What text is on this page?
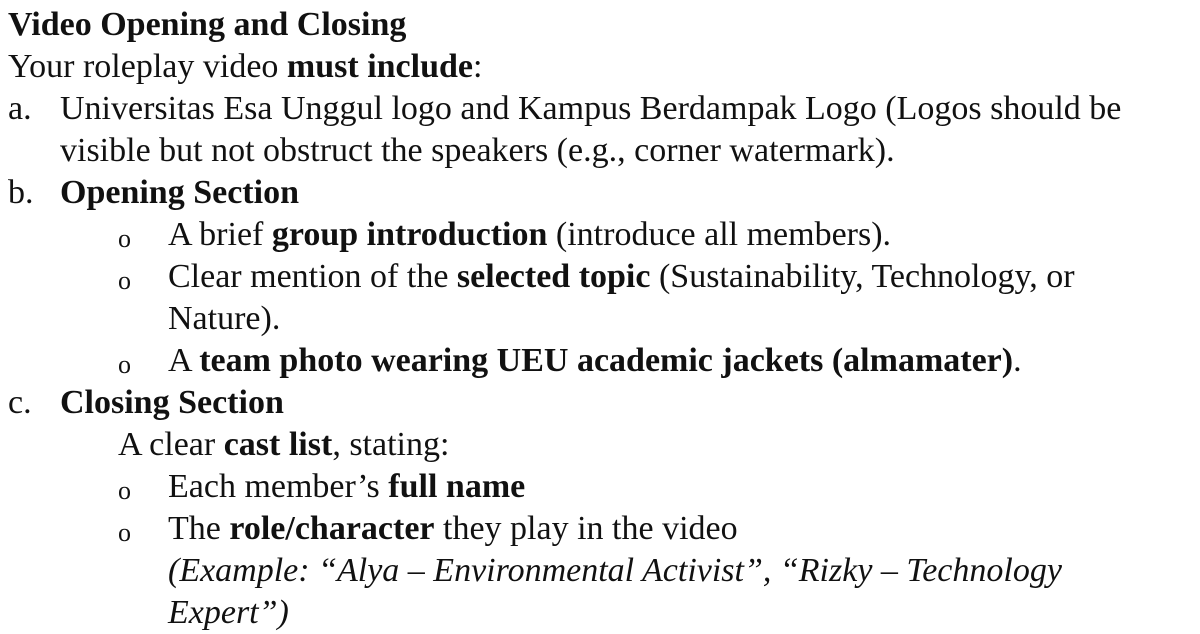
Video Opening and Closing
Your roleplay video must include:
a. Universitas Esa Unggul logo and Kampus Berdampak Logo (Logos should be
visible but not obstruct the speakers (e.g., corner watermark).
b. Opening Section
o A brief group introduction (introduce all members).
o Clear mention of the selected topic (Sustainability, Technology, or
Nature).
o A team photo wearing UEU academic jackets (almamater).
c. Closing Section
A clear cast list, stating:
o Each member’s full name
o The role/character they play in the video
(Example: “Alya – Environmental Activist”, “Rizky – Technology
Expert”)
